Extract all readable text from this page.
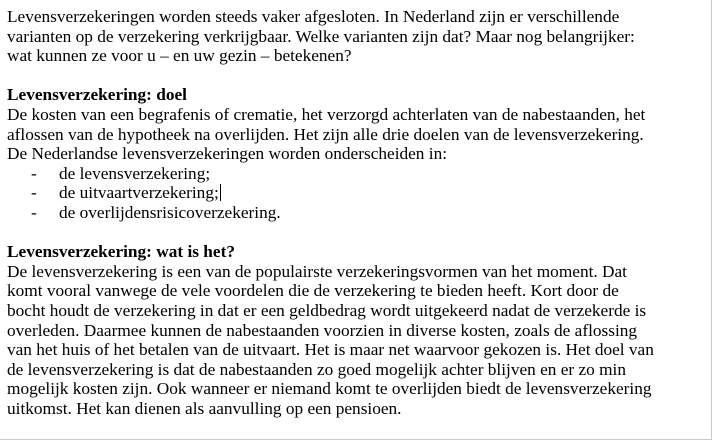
Levensverzekeringen worden steeds vaker afgesloten. In Nederland zijn er verschillende

varianten op de verzekering verkrijgbaar. Welke varianten zijn dat? Maar nog belangrijker:

wat kunnen ze voor u – en uw gezin – betekenen?

Levensverzekering: doel

De kosten van een begrafenis of crematie, het verzorgd achterlaten van de nabestaanden, het

aflossen van de hypotheek na overlijden. Het zijn alle drie doelen van de levensverzekering.

De Nederlandse levensverzekeringen worden onderscheiden in:

- de levensverzekering;
- de uitvaartverzekering;
- de overlijdensrisicoverzekering.

Levensverzekering: wat is het?

De levensverzekering is een van de populairste verzekeringsvormen van het moment. Dat

komt vooral vanwege de vele voordelen die de verzekering te bieden heeft. Kort door de

bocht houdt de verzekering in dat er een geldbedrag wordt uitgekeerd nadat de verzekerde is

overleden. Daarmee kunnen de nabestaanden voorzien in diverse kosten, zoals de aflossing

van het huis of het betalen van de uitvaart. Het is maar net waarvoor gekozen is. Het doel van

de levensverzekering is dat de nabestaanden zo goed mogelijk achter blijven en er zo min

mogelijk kosten zijn. Ook wanneer er niemand komt te overlijden biedt de levensverzekering

uitkomst. Het kan dienen als aanvulling op een pensioen.
